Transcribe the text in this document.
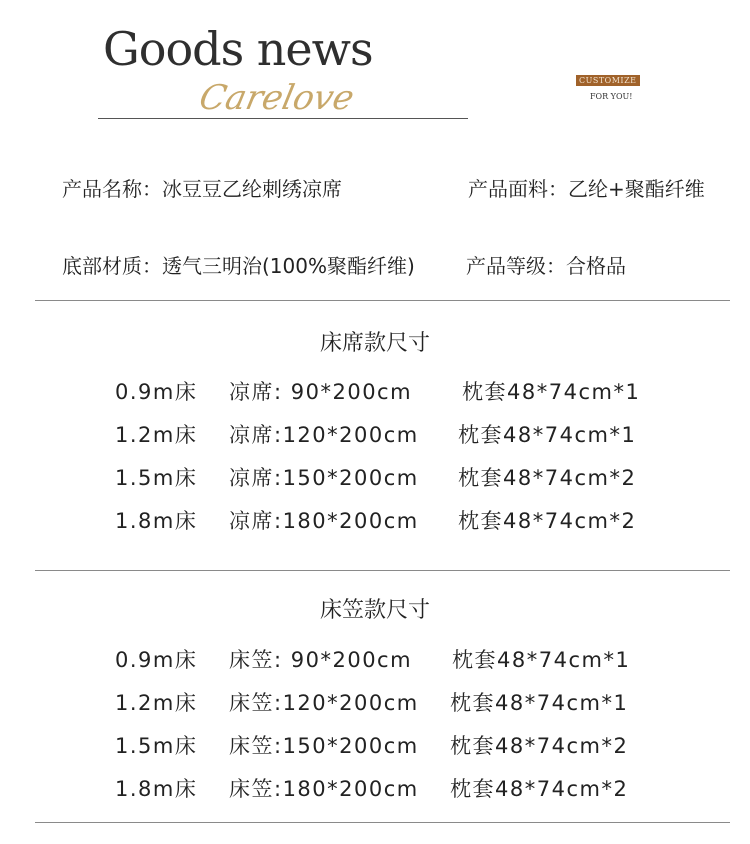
Goods news
Carelove	CUSTOMIZE
FOR YOU!
产品名称：冰豆豆乙纶刺绣凉席	产品面料：乙纶+聚酯纤维
底部材质：透气三明治(100%聚酯纤维)	产品等级：合格品
床席款尺寸
0.9m床 凉席: 90*200cm 枕套48*74cm*1
1.2m床 凉席:120*200cm 枕套48*74cm*1
1.5m床 凉席:150*200cm 枕套48*74cm*2
1.8m床 凉席:180*200cm 枕套48*74cm*2
床笠款尺寸
0.9m床 床笠: 90*200cm 枕套48*74cm*1
1.2m床 床笠:120*200cm 枕套48*74cm*1
1.5m床 床笠:150*200cm 枕套48*74cm*2
1.8m床 床笠:180*200cm 枕套48*74cm*2
